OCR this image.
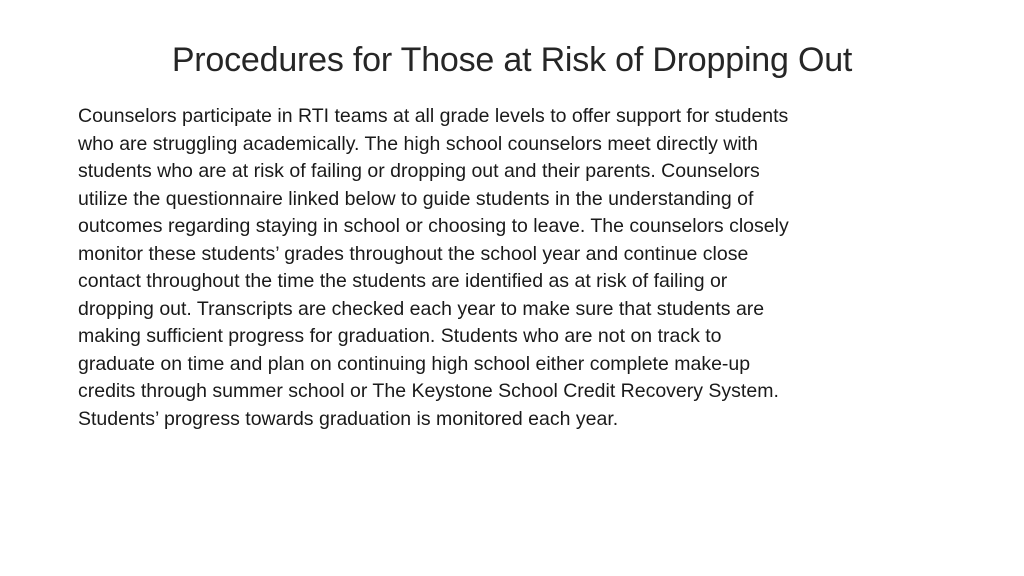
Procedures for Those at Risk of Dropping Out

Counselors participate in RTI teams at all grade levels to offer support for students
who are struggling academically. The high school counselors meet directly with
students who are at risk of failing or dropping out and their parents. Counselors
utilize the questionnaire linked below to guide students in the understanding of
outcomes regarding staying in school or choosing to leave. The counselors closely
monitor these students’ grades throughout the school year and continue close
contact throughout the time the students are identified as at risk of failing or
dropping out. Transcripts are checked each year to make sure that students are
making sufficient progress for graduation. Students who are not on track to
graduate on time and plan on continuing high school either complete make-up
credits through summer school or The Keystone School Credit Recovery System.
Students’ progress towards graduation is monitored each year.
